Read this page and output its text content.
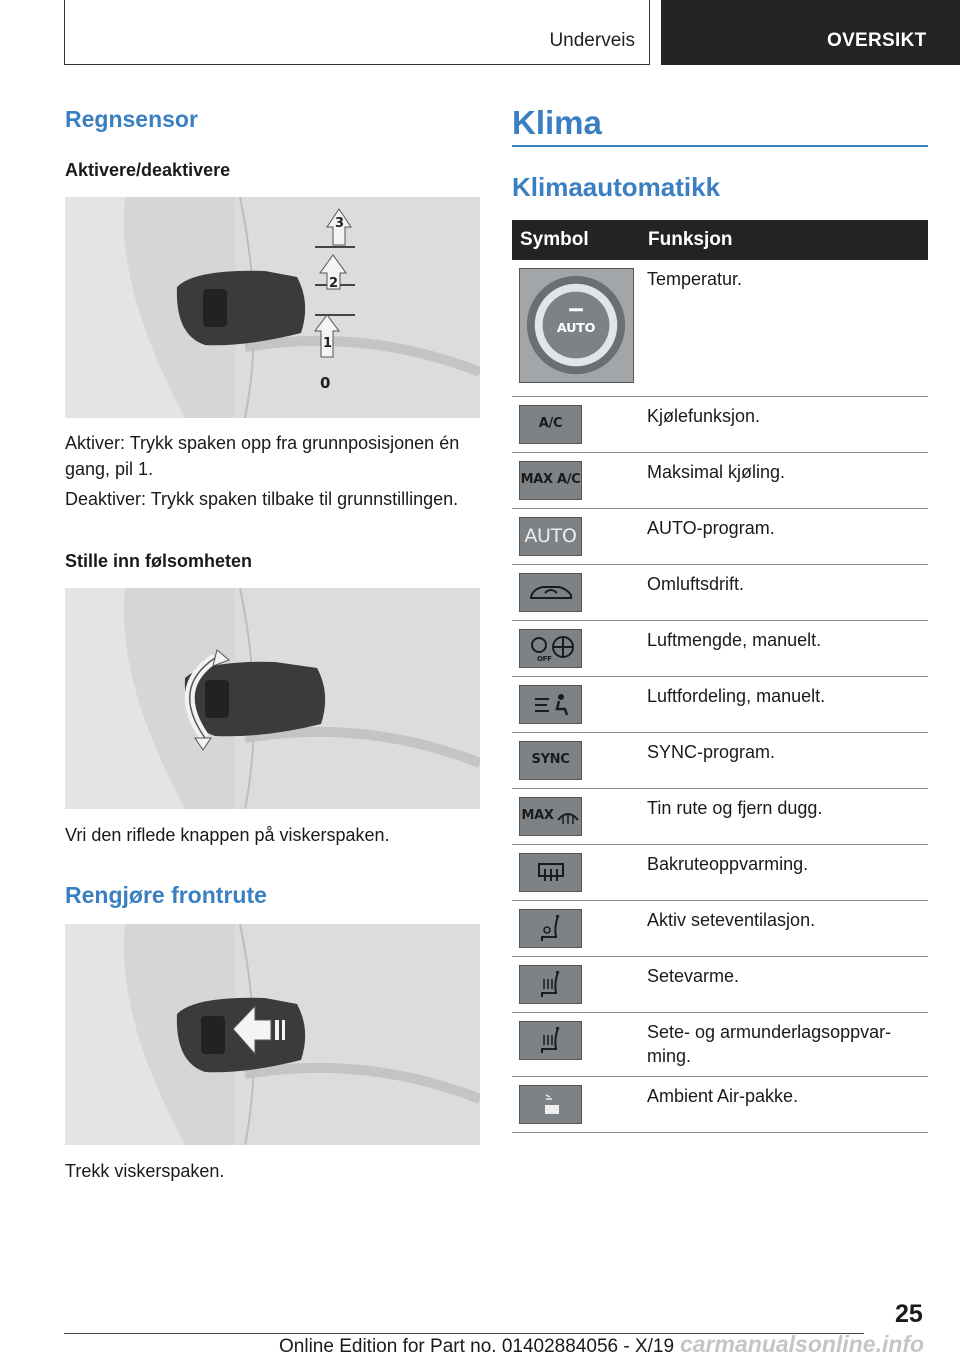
Underveis	OVERSIKT
Regnsensor
Aktivere/deaktivere
3
2
1
0
Aktiver: Trykk spaken opp fra grunnposisjonen én gang, pil 1.
Deaktiver: Trykk spaken tilbake til grunnstillingen.
Stille inn følsomheten
Vri den riflede knappen på viskerspaken.
Rengjøre frontrute
Trekk viskerspaken.
Klima
Klimaautomatikk
Symbol	Funksjon

AUTO	Temperatur.

A/C	Kjølefunksjon.

MAX A/C	Maksimal kjøling.

AUTO	AUTO-program.

	Omluftsdrift.

OFF	Luftmengde, manuelt.

	Luftfordeling, manuelt.

SYNC	SYNC-program.

MAX	Tin rute og fjern dugg.

	Bakruteoppvarming.

	Aktiv seteventilasjon.

	Setevarme.

	Sete- og armunderlagsoppvar-ming.

	Ambient Air-pakke.
25
Online Edition for Part no. 01402884056 - X/19 carmanualsonline.info
